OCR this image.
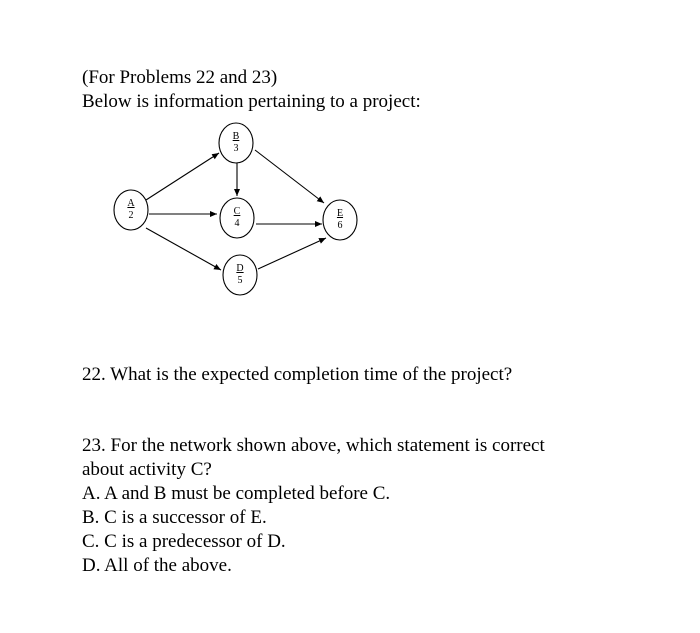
(For Problems 22 and 23)
Below is information pertaining to a project:
A
2
B
3
C
4
D
5
E
6
22. What is the expected completion time of the project?
23. For the network shown above, which statement is correct
about activity C?
A. A and B must be completed before C.
B. C is a successor of E.
C. C is a predecessor of D.
D. All of the above.
